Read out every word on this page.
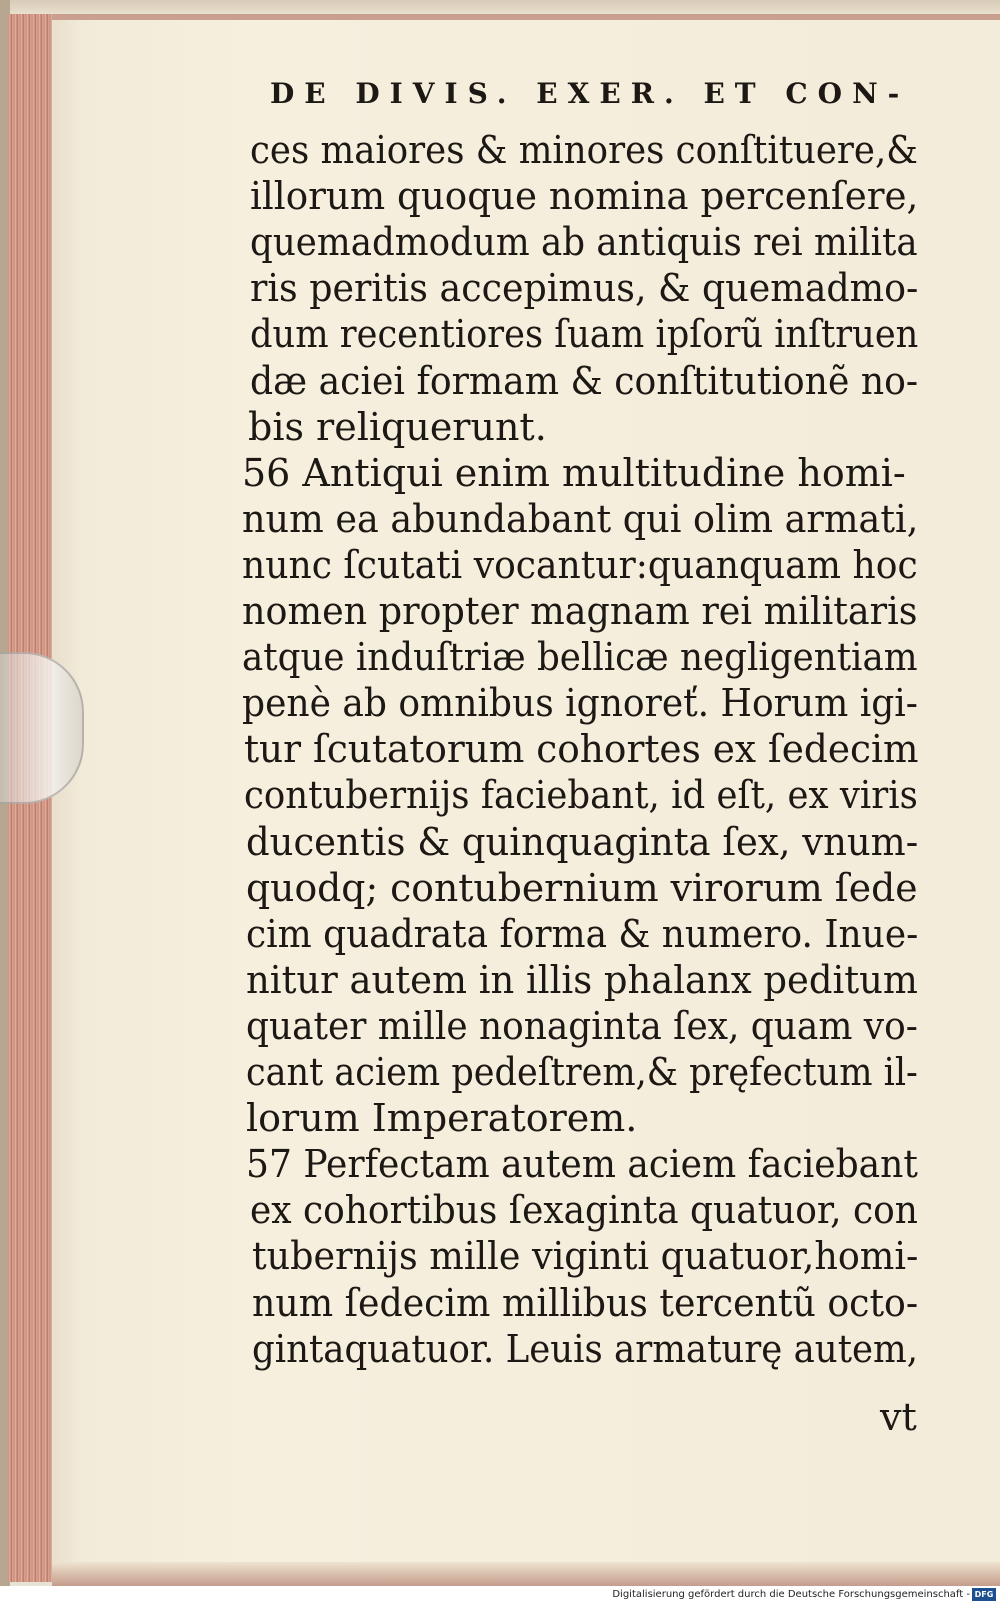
DE DIVIS. EXER. ET CON-
ces maiores & minores conſtituere,&
illorum quoque nomina percenſere,
quemadmodum ab antiquis rei milita
ris peritis accepimus, & quemadmo-
dum recentiores ſuam ipſorũ inſtruen
dæ aciei formam & conſtitutionẽ no-
bis reliquerunt.
56 Antiqui enim multitudine homi-
num ea abundabant qui olim armati,
nunc ſcutati vocantur:quanquam hoc
nomen propter magnam rei militaris
atque induſtriæ bellicæ negligentiam
penè ab omnibus ignoreť. Horum igi-
tur ſcutatorum cohortes ex ſedecim
contubernijs faciebant, id eſt, ex viris
ducentis & quinquaginta ſex, vnum-
quodq; contubernium virorum ſede
cim quadrata forma & numero. Inue-
nitur autem in illis phalanx peditum
quater mille nonaginta ſex, quam vo-
cant aciem pedeſtrem,& pręfectum il-
lorum Imperatorem.
57 Perfectam autem aciem faciebant
ex cohortibus ſexaginta quatuor, con
tubernijs mille viginti quatuor,homi-
num ſedecim millibus tercentũ octo-
gintaquatuor. Leuis armaturę autem,
vt
Digitalisierung gefördert durch die Deutsche Forschungsgemeinschaft - DFG
